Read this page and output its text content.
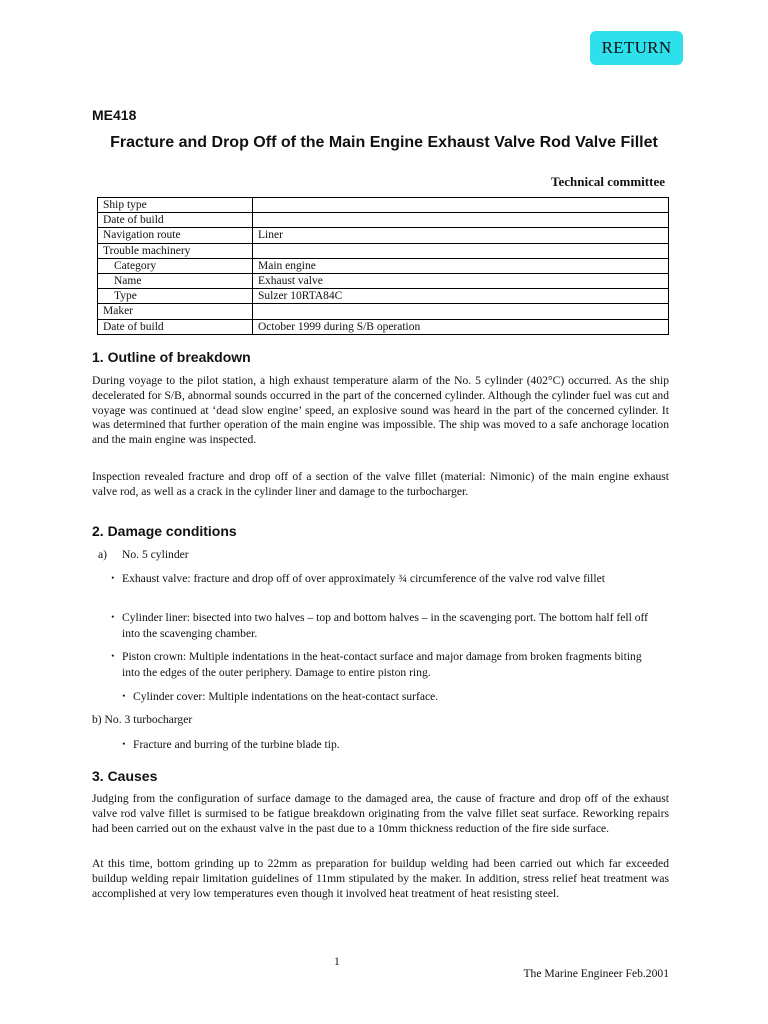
RETURN
ME418
Fracture and Drop Off of the Main Engine Exhaust Valve Rod Valve Fillet
Technical committee
Ship type	
Date of build	
Navigation route	Liner
Trouble machinery	
Category	Main engine
Name	Exhaust valve
Type	Sulzer 10RTA84C
Maker	
Date of build	October 1999 during S/B operation
1. Outline of breakdown

During voyage to the pilot station, a high exhaust temperature alarm of the No. 5 cylinder (402°C) occurred. As the ship decelerated for S/B, abnormal sounds occurred in the part of the concerned cylinder. Although the cylinder fuel was cut and voyage was continued at ‘dead slow engine’ speed, an explosive sound was heard in the part of the concerned cylinder. It was determined that further operation of the main engine was impossible. The ship was moved to a safe anchorage location and the main engine was inspected.

Inspection revealed fracture and drop off of a section of the valve fillet (material: Nimonic) of the main engine exhaust valve rod, as well as a crack in the cylinder liner and damage to the turbocharger.

2. Damage conditions
a) No. 5 cylinder
・ Exhaust valve: fracture and drop off of over approximately ¾ circumference of the valve rod valve fillet
・ Cylinder liner: bisected into two halves – top and bottom halves – in the scavenging port. The bottom half fell off into the scavenging chamber.
・ Piston crown: Multiple indentations in the heat-contact surface and major damage from broken fragments biting into the edges of the outer periphery. Damage to entire piston ring.
・ Cylinder cover: Multiple indentations on the heat-contact surface.
b) No. 3 turbocharger
・ Fracture and burring of the turbine blade tip.
3. Causes

Judging from the configuration of surface damage to the damaged area, the cause of fracture and drop off of the exhaust valve rod valve fillet is surmised to be fatigue breakdown originating from the valve fillet seat surface. Reworking repairs had been carried out on the exhaust valve in the past due to a 10mm thickness reduction of the fire side surface.

At this time, bottom grinding up to 22mm as preparation for buildup welding had been carried out which far exceeded buildup welding repair limitation guidelines of 11mm stipulated by the maker. In addition, stress relief heat treatment was accomplished at very low temperatures even though it involved heat treatment of heat resisting steel.

1
The Marine Engineer Feb.2001
